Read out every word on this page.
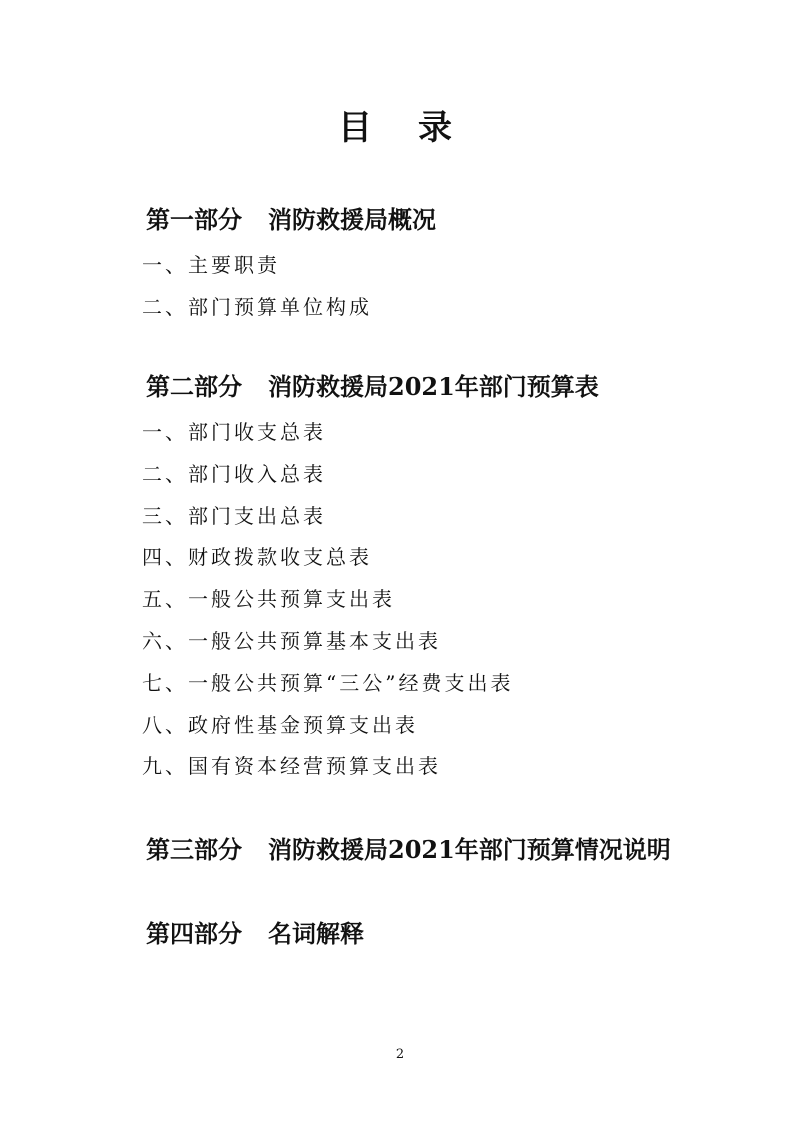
目录
第一部分 消防救援局概况
一、主要职责
二、部门预算单位构成
第二部分 消防救援局2021年部门预算表
一、部门收支总表
二、部门收入总表
三、部门支出总表
四、财政拨款收支总表
五、一般公共预算支出表
六、一般公共预算基本支出表
七、一般公共预算“三公”经费支出表
八、政府性基金预算支出表
九、国有资本经营预算支出表
第三部分 消防救援局2021年部门预算情况说明
第四部分 名词解释
2
